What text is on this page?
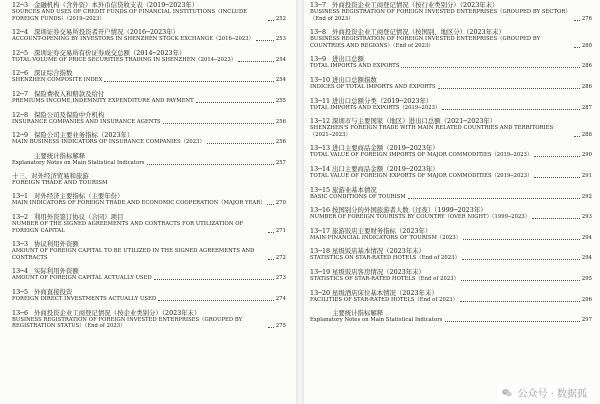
12─3 金融机构（含外资）本外币信贷收支表（2019─2023年）
SOURCES AND USES OF CREDIT FUNDS OF FINANCIAL INSTITUTIONS（INCLUDE FOREIGN FUNDS）（2019─2023）	252
12─4 深圳证券交易所投资者开户情况（2016─2023年）
ACCOUNT-OPENING BY INVESTORS IN SHENZHEN STOCK EXCHANGE（2016─2023）	253
12─5 深圳证券交易所有价证券成交总额（2014─2023年）
TOTAL VOLUME OF PRICE SECURITIES TRADING IN SHENZHEN（2014─2023）	254
12─6 深证综合指数
SHENZHEN COMPOSITE INDEX	254
12─7 保险费收入和赔款及给付
PREMIUMS INCOME,INDEMNITY EXPENDITURE AND PAYMENT	255
12─8 保险公司及保险中介机构
INSURANCE COMPANIES AND INSURANCE AGENTS	256
12─9 保险公司主要业务指标（2023年）
MAIN BUSINESS INDICATORS OF INSURANCE COMPANIES（2023）	256
主要统计指标解释
Explanatory Notes on Main Statistical Indicators	257
十三、对外经济贸易和旅游
FOREIGN TRADE AND TOURISM
13─1 对外经济主要指标（主要年份）
MAIN INDICATORS OF FOREIGN TRADE AND ECONOMIC COOPERATION（MAJOR YEAR） 270
13─2 利用外资签订协议（合同）项目
NUMBER OF THE SIGNED AGREEMENTS AND CONTRACTS FOR UTILIZATION OF FOREIGN CAPITAL	271
13─3 协议利用外资额
AMOUNT OF FOREIGN CAPITAL TO BE UTILIZED IN THE SIGNED AGREEMENTS AND CONTRACTS	272
13─4 实际利用外资额
AMOUNT OF FOREIGN CAPITAL ACTUALLY USED	273
13─5 外商直接投资
FOREIGN DIRECT INVESTMENTS ACTUALLY USED	274
13─6 外商投资企业工商登记情况（按企业类别分）（2023年末）
BUSINESS REGISTRATION OF FOREIGN INVESTED ENTERPRISES（GROUPED BY REGISTRATION STATUS）（End of 2023）	275
13─7 外商投资企业工商登记情况（按行业类别分）（2023年末）
BUSINESS REGISTRATION OF FOREIGN INVESTED ENTERPRISES（GROUPED BY SECTOR）（End of 2023）	276
13─8 外商投资企业工商登记情况（按国别、地区分）（2023年末）
BUSINESS REGISTRATION OF FOREIGN INVESTED ENTERPRISES（GROUPED BY COUNTRIES AND REGIONS）（End of 2023）	280
13─9 进出口总额
TOTAL IMPORTS AND EXPORTS	286
13─10 进出口总额指数
INDICES OF TOTAL IMPORTS AND EXPORTS	286
13─11 进出口总额分类（2019─2023年）
TOTAL IMPORTS AND EXPORTS（2019─2023）	287
13─12 深圳市与主要国家（地区）进出口总额（2021─2023年）
SHENZHEN'S FOREIGN TRADE WITH MAIN RELATED COUNTRIES AND TERRITORIES（2021─2023）	288
13─13 进口主要商品金额（2019─2023年）
TOTAL VALUE OF FOREIGN IMPORTS OF MAJOR COMMODITIES（2019─2023）	290
13─14 出口主要商品金额（2019─2023年）
TOTAL VALUE OF FOREIGN EXPORTS OF MAJOR COMMODITIES（2019─2023）	291
13─15 旅游业基本情况
BASIC CONDITIONS OF TOURISM	292
13─16 按国别分的外国旅游者人数（过夜）（1999─2023年）
NUMBER OF FOREIGN TOURISTS BY COUNTRY（OVER NIGHT）（1999─2023）	293
13─17 旅游饭店主要财务指标（2023年）
MAIN FINANCIAL INDICATORS OF TOURISM（2023）	294
13─18 星级饭店基本情况（2023年末）
STATISTICS ON STAR-RATED HOTELS（End of 2023）	294
13─19 星级饭店客房情况（2023年末）
STATISTICS OF STAR-RATED HOTELS（End of 2023）	295
13─20 星级酒店床位基本情况（2023年末）
FACILITIES OF STAR-RATED HOTELS（End of 2023）	296
主要统计指标解释
Explanatory Notes on Main Statistical Indicators	297
公众号 · 数据孤
